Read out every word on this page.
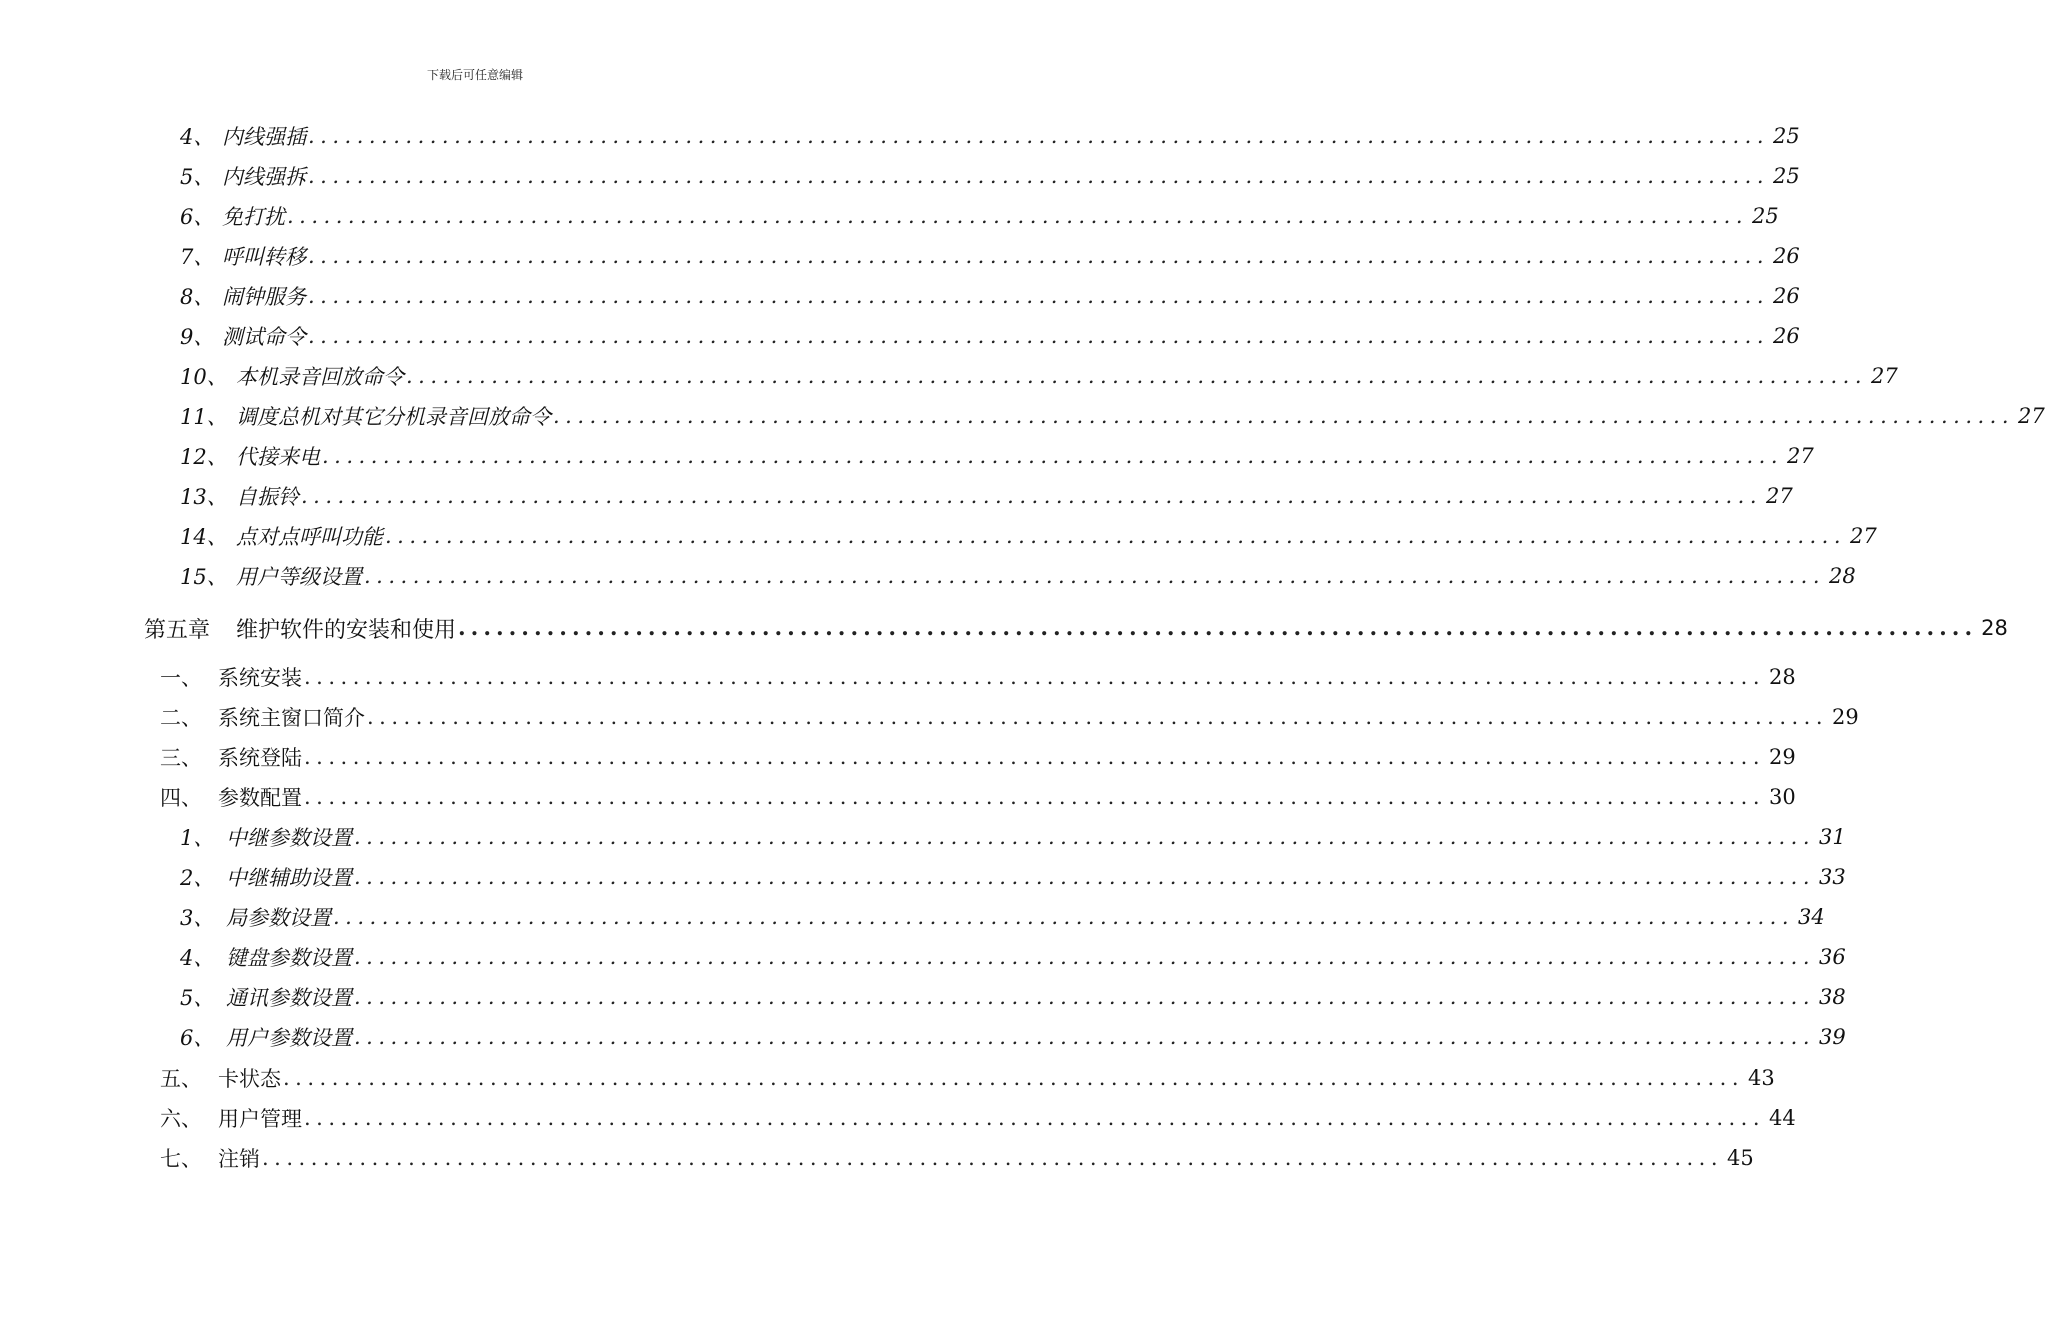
下载后可任意编辑
4、 内线强插 ........................................................................................................................ 25
5、 内线强拆 ........................................................................................................................ 25
6、 免打扰 ........................................................................................................................ 25
7、 呼叫转移 ........................................................................................................................ 26
8、 闹钟服务 ........................................................................................................................ 26
9、 测试命令 ........................................................................................................................ 26
10、 本机录音回放命令 ........................................................................................................................ 27
11、 调度总机对其它分机录音回放命令 ........................................................................................................................ 27
12、 代接来电 ........................................................................................................................ 27
13、 自振铃 ........................................................................................................................ 27
14、 点对点呼叫功能 ........................................................................................................................ 27
15、 用户等级设置 ........................................................................................................................ 28
第五章	维护软件的安装和使用 ........................................................................................................................ 28
一、 系统安装 ........................................................................................................................ 28
二、 系统主窗口简介 ........................................................................................................................ 29
三、 系统登陆 ........................................................................................................................ 29
四、 参数配置 ........................................................................................................................ 30
1、 中继参数设置 ........................................................................................................................ 31
2、 中继辅助设置 ........................................................................................................................ 33
3、 局参数设置 ........................................................................................................................ 34
4、 键盘参数设置 ........................................................................................................................ 36
5、 通讯参数设置 ........................................................................................................................ 38
6、 用户参数设置 ........................................................................................................................ 39
五、 卡状态 ........................................................................................................................ 43
六、 用户管理 ........................................................................................................................ 44
七、 注销 ........................................................................................................................ 45
